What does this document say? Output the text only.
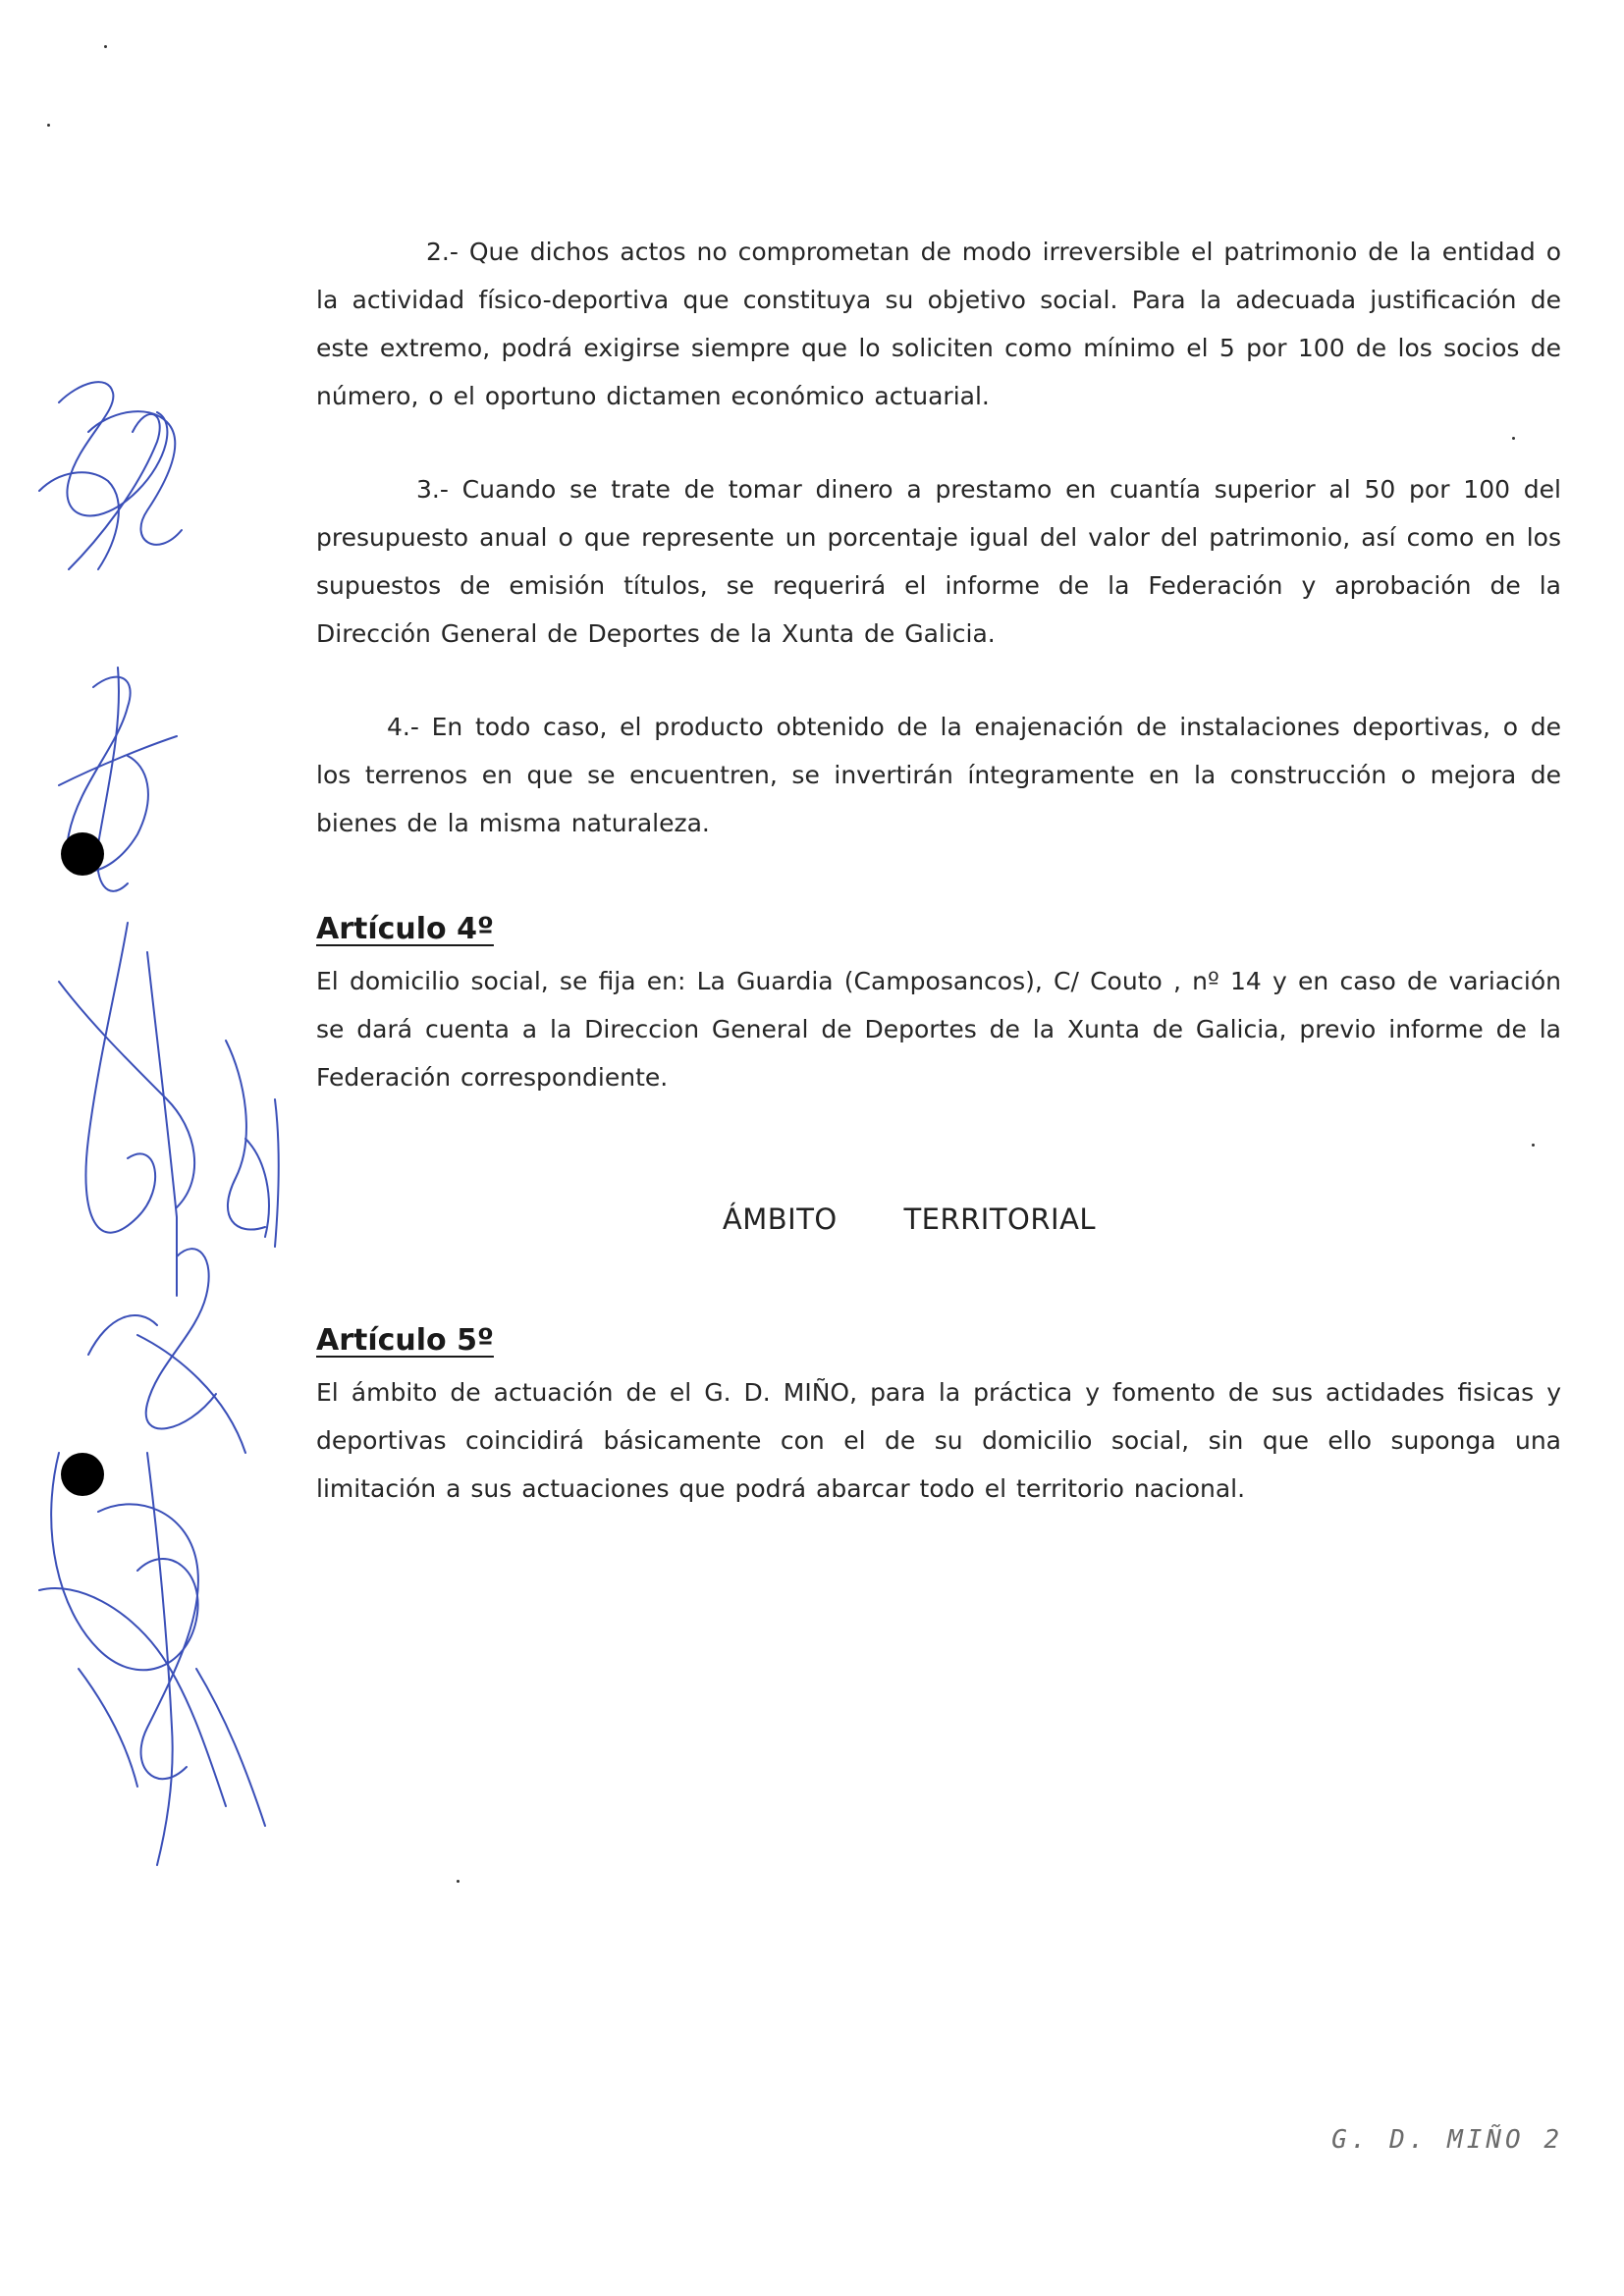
2.- Que dichos actos no comprometan de modo irreversible el patrimonio de la entidad o la actividad físico-deportiva que constituya su objetivo social. Para la adecuada justificación de este extremo, podrá exigirse siempre que lo soliciten como mínimo el 5 por 100 de los socios de número, o el oportuno dictamen económico actuarial.

3.- Cuando se trate de tomar dinero a prestamo en cuantía superior al 50 por 100 del presupuesto anual o que represente un porcentaje igual del valor del patrimonio, así como en los supuestos de emisión títulos, se requerirá el informe de la Federación y aprobación de la Dirección General de Deportes de la Xunta de Galicia.

4.- En todo caso, el producto obtenido de la enajenación de instalaciones deportivas, o de los terrenos en que se encuentren, se invertirán íntegramente en la construcción o mejora de bienes de la misma naturaleza.

Artículo 4º

El domicilio social, se fija en: La Guardia (Camposancos), C/ Couto , nº 14 y en caso de variación se dará cuenta a la Direccion General de Deportes de la Xunta de Galicia, previo informe de la Federación correspondiente.

ÁMBITO TERRITORIAL

Artículo 5º

El ámbito de actuación de el G. D. MIÑO, para la práctica y fomento de sus actidades fisicas y deportivas coincidirá básicamente con el de su domicilio social, sin que ello suponga una limitación a sus actuaciones que podrá abarcar todo el territorio nacional.

G. D. MIÑO 2
